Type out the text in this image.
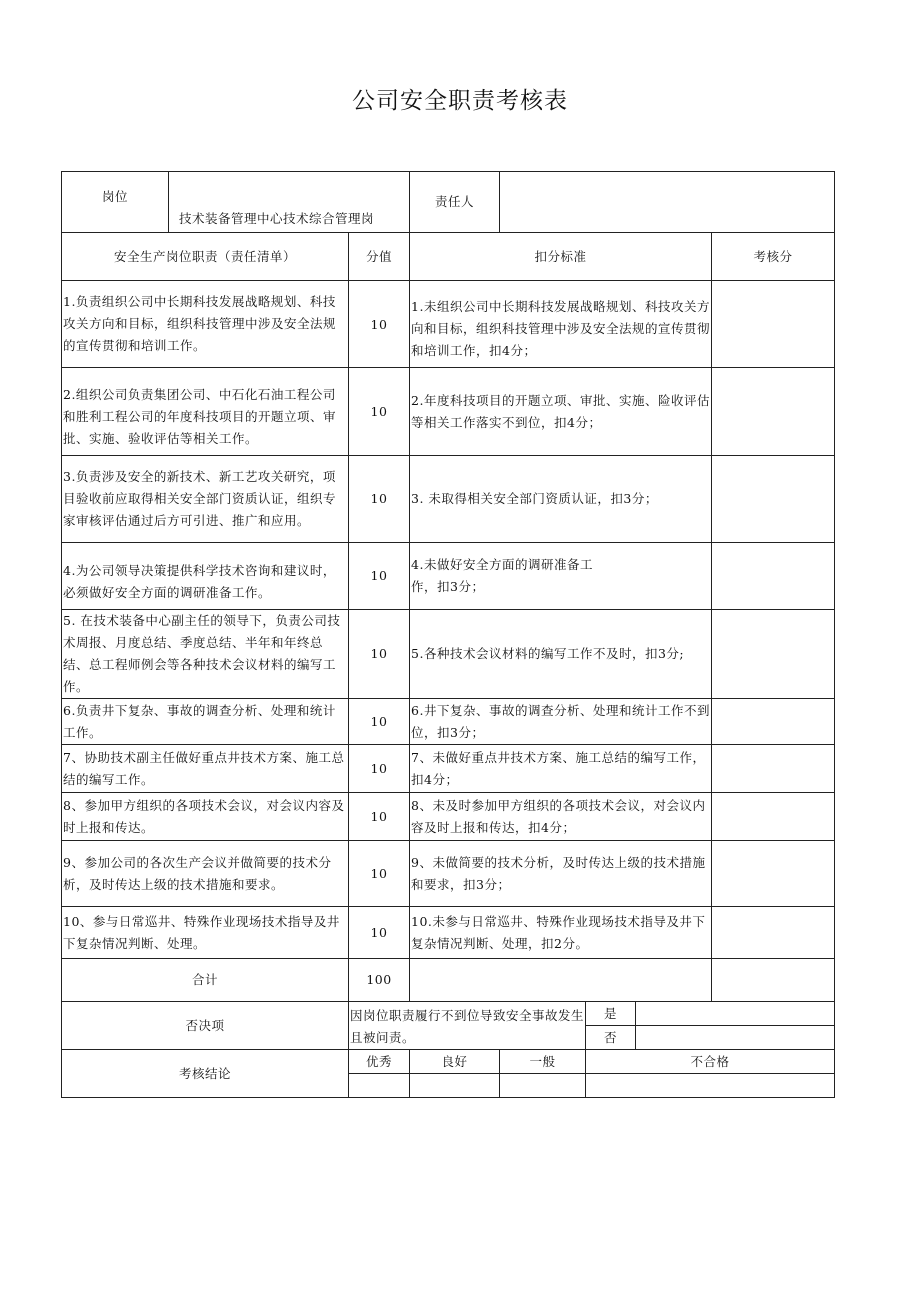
公司安全职责考核表
岗位	技术装备管理中心技术综合管理岗		责任人				
安全生产岗位职责（责任清单）		分值	扣分标准				考核分
1.负责组织公司中长期科技发展战略规划、科技攻关方向和目标，组织科技管理中涉及安全法规的宣传贯彻和培训工作。		10	1.未组织公司中长期科技发展战略规划、科技攻关方向和目标，组织科技管理中涉及安全法规的宣传贯彻和培训工作，扣4分；				
2.组织公司负责集团公司、中石化石油工程公司和胜利工程公司的年度科技项目的开题立项、审批、实施、验收评估等相关工作。		10	2.年度科技项目的开题立项、审批、实施、险收评估等相关工作落实不到位，扣4分；				
3.负责涉及安全的新技术、新工艺攻关研究，项目验收前应取得相关安全部门资质认证，组织专家审核评估通过后方可引进、推广和应用。		10	3. 未取得相关安全部门资质认证，扣3分；				
4.为公司领导决策提供科学技术咨询和建议时，必须做好安全方面的调研准备工作。		10	4.未做好安全方面的调研准备工作，扣3分；				
5. 在技术装备中心副主任的领导下，负责公司技术周报、月度总结、季度总结、半年和年终总结、总工程师例会等各种技术会议材料的编写工作。		10	5.各种技术会议材料的编写工作不及时，扣3分;				
6.负责井下复杂、事故的调查分析、处理和统计工作。		10	6.井下复杂、事故的调查分析、处理和统计工作不到位，扣3分；				
7、协助技术副主任做好重点井技术方案、施工总结的编写工作。		10	7、未做好重点井技术方案、施工总结的编写工作，扣4分；				
8、参加甲方组织的各项技术会议，对会议内容及时上报和传达。		10	8、未及时参加甲方组织的各项技术会议，对会议内容及时上报和传达，扣4分；				
9、参加公司的各次生产会议并做简要的技术分析，及时传达上级的技术措施和要求。		10	9、未做简要的技术分析，及时传达上级的技术措施和要求，扣3分；				
10、参与日常巡井、特殊作业现场技术指导及井下复杂情况判断、处理。		10	10.未参与日常巡井、特殊作业现场技术指导及井下复杂情况判断、处理，扣2分。				
合计		100					
否决项		因岗位职责履行不到位导致安全事故发生且被问责。			是		
					否		
考核结论		优秀	良好	一般	不合格		
